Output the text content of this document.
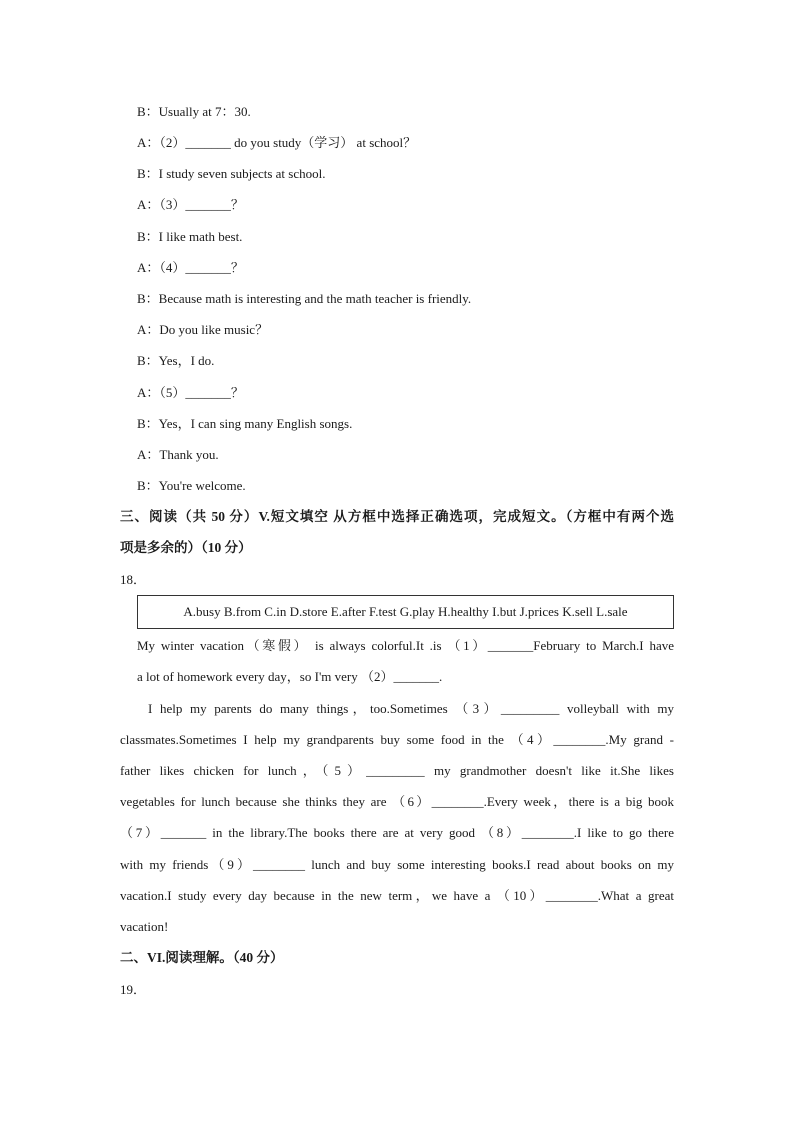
B：Usually at 7：30.
A：（2）_______ do you study（学习） at school？
B：I study seven subjects at school.
A：（3）_______？
B：I like math best.
A：（4）_______？
B：Because math is interesting and the math teacher is friendly.
A：Do you like music？
B：Yes，I do.
A：（5）_______？
B：Yes，I can sing many English songs.
A：Thank you.
B：You're welcome.
三、阅读（共 50 分）V.短文填空 从方框中选择正确选项，完成短文。（方框中有两个选
项是多余的）（10 分）
18．
A.busy B.from C.in D.store E.after F.test G.play H.healthy I.but J.prices K.sell L.sale
My winter vacation（寒假） is always colorful.It .is （1）_______February to March.I have
a lot of homework every day，so I'm very （2）_______.
I help my parents do many things，too.Sometimes （3）_________ volleyball with my
classmates.Sometimes I help my grandparents buy some food in the （4）________.My grand -
father likes chicken for lunch，（5）_________ my grandmother doesn't like it.She likes
vegetables for lunch because she thinks they are （6）________.Every week，there is a big book
（7）_______ in the library.The books there are at very good （8）________.I like to go there
with my friends（9）________ lunch and buy some interesting books.I read about books on my
vacation.I study every day because in the new term，we have a （10）________.What a great
vacation!
二、VI.阅读理解。（40 分）
19．
